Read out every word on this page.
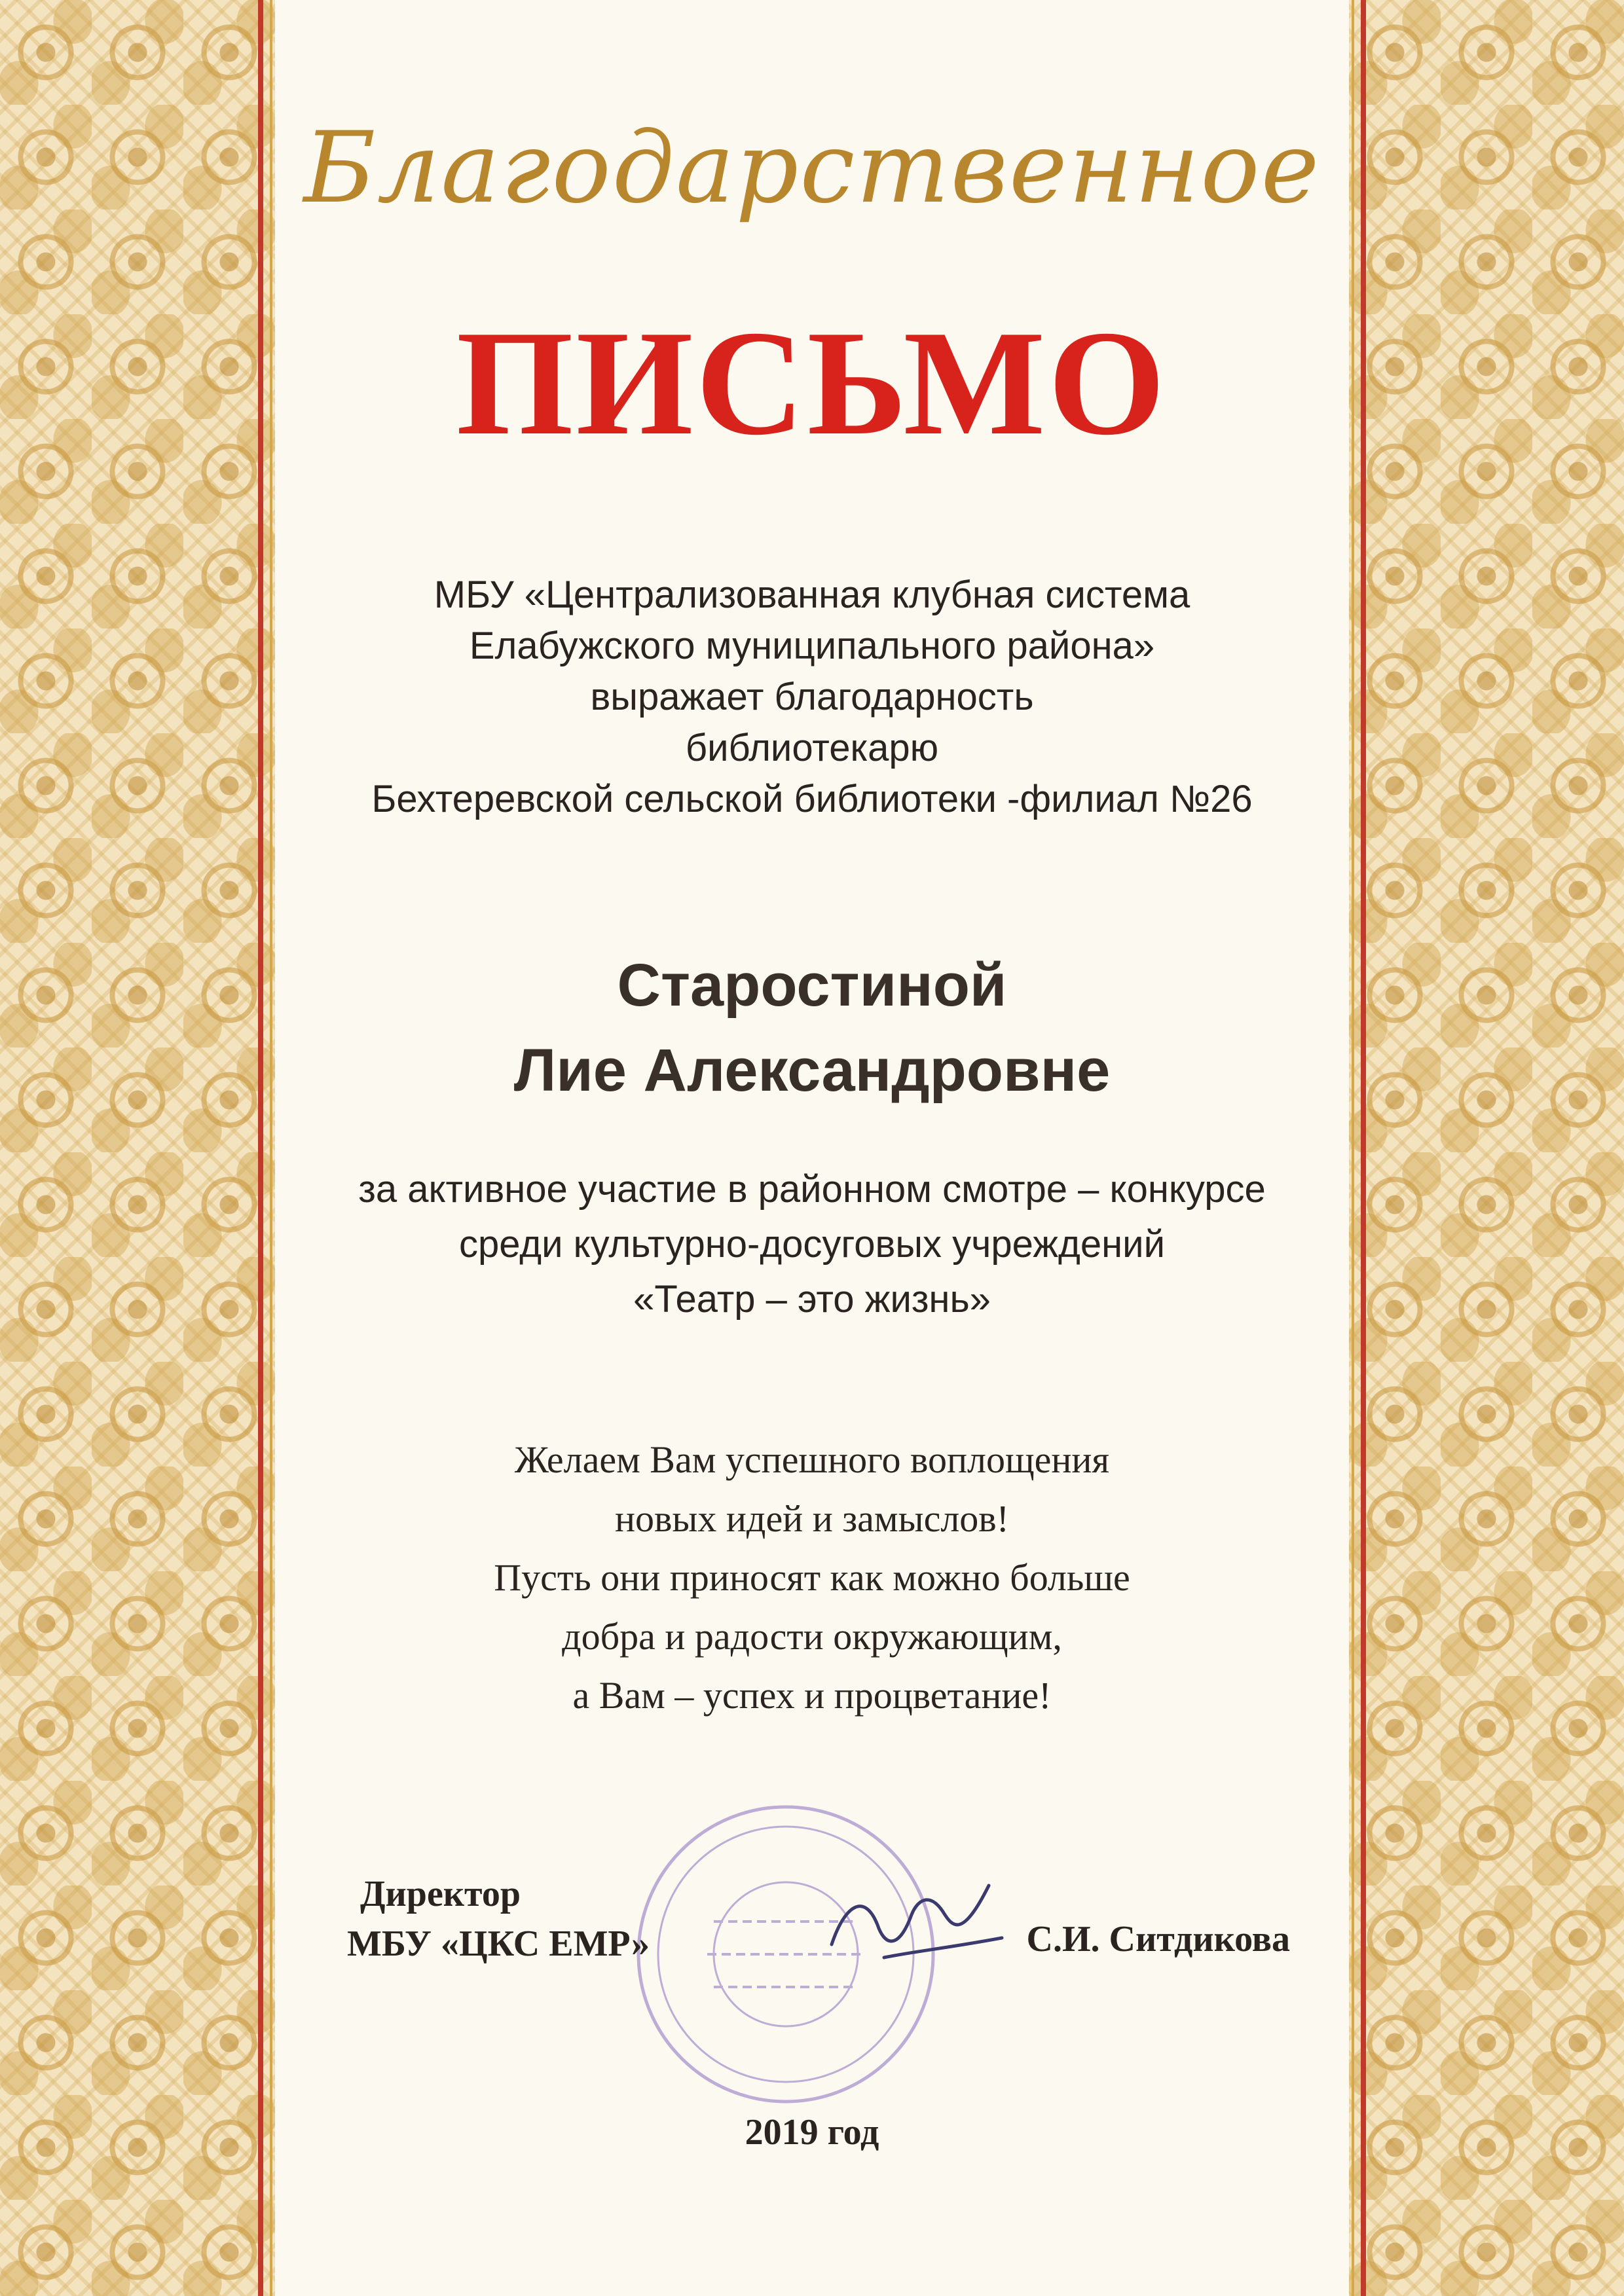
Благодарственное
ПИСЬМО
МБУ «Централизованная клубная система
Елабужского муниципального района»
выражает благодарность
библиотекарю
Бехтеревской сельской библиотеки -филиал №26
Старостиной
Лие Александровне
за активное участие в районном смотре – конкурсе
среди культурно-досуговых учреждений
«Театр – это жизнь»
Желаем Вам успешного воплощения
новых идей и замыслов!
Пусть они приносят как можно больше
добра и радости окружающим,
а Вам – успех и процветание!
Директор
МБУ «ЦКС ЕМР»	С.И. Ситдикова
2019 год
